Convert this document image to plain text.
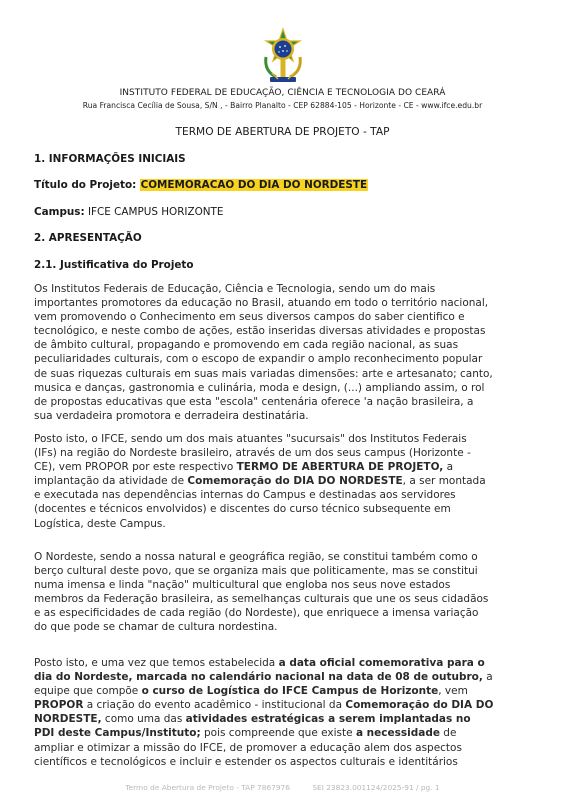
INSTITUTO FEDERAL DE EDUCAÇÃO, CIÊNCIA E TECNOLOGIA DO CEARÁ
Rua Francisca Cecília de Sousa, S/N , - Bairro Planalto - CEP 62884-105 - Horizonte - CE - www.ifce.edu.br
TERMO DE ABERTURA DE PROJETO - TAP
1. INFORMAÇÕES INICIAIS
Título do Projeto: COMEMORACAO DO DIA DO NORDESTE
Campus: IFCE CAMPUS HORIZONTE
2. APRESENTAÇÃO
2.1. Justificativa do Projeto
Os Institutos Federais de Educação, Ciência e Tecnologia, sendo um do mais
importantes promotores da educação no Brasil, atuando em todo o território nacional,
vem promovendo o Conhecimento em seus diversos campos do saber cientifico e
tecnológico, e neste combo de ações, estão inseridas diversas atividades e propostas
de âmbito cultural, propagando e promovendo em cada região nacional, as suas
peculiaridades culturais, com o escopo de expandir o amplo reconhecimento popular
de suas riquezas culturais em suas mais variadas dimensões: arte e artesanato; canto,
musica e danças, gastronomia e culinária, moda e design, (...) ampliando assim, o rol
de propostas educativas que esta "escola" centenária oferece 'a nação brasileira, a
sua verdadeira promotora e derradeira destinatária.
Posto isto, o IFCE, sendo um dos mais atuantes "sucursais" dos Institutos Federais
(IFs) na região do Nordeste brasileiro, através de um dos seus campus (Horizonte -
CE), vem PROPOR por este respectivo TERMO DE ABERTURA DE PROJETO, a
implantação da atividade de Comemoração do DIA DO NORDESTE, a ser montada
e executada nas dependências internas do Campus e destinadas aos servidores
(docentes e técnicos envolvidos) e discentes do curso técnico subsequente em
Logística, deste Campus.
O Nordeste, sendo a nossa natural e geográfica região, se constitui também como o
berço cultural deste povo, que se organiza mais que politicamente, mas se constitui
numa imensa e linda "nação" multicultural que engloba nos seus nove estados
membros da Federação brasileira, as semelhanças culturais que une os seus cidadãos
e as especificidades de cada região (do Nordeste), que enriquece a imensa variação
do que pode se chamar de cultura nordestina.
Posto isto, e uma vez que temos estabelecida a data oficial comemorativa para o
dia do Nordeste, marcada no calendário nacional na data de 08 de outubro, a
equipe que compõe o curso de Logística do IFCE Campus de Horizonte, vem
PROPOR a criação do evento acadêmico - institucional da Comemoração do DIA DO
NORDESTE, como uma das atividades estratégicas a serem implantadas no
PDI deste Campus/Instituto; pois compreende que existe a necessidade de
ampliar e otimizar a missão do IFCE, de promover a educação alem dos aspectos
científicos e tecnológicos e incluir e estender os aspectos culturais e identitários
Termo de Abertura de Projeto - TAP 7867976	SEI 23823.001124/2025-91 / pg. 1
